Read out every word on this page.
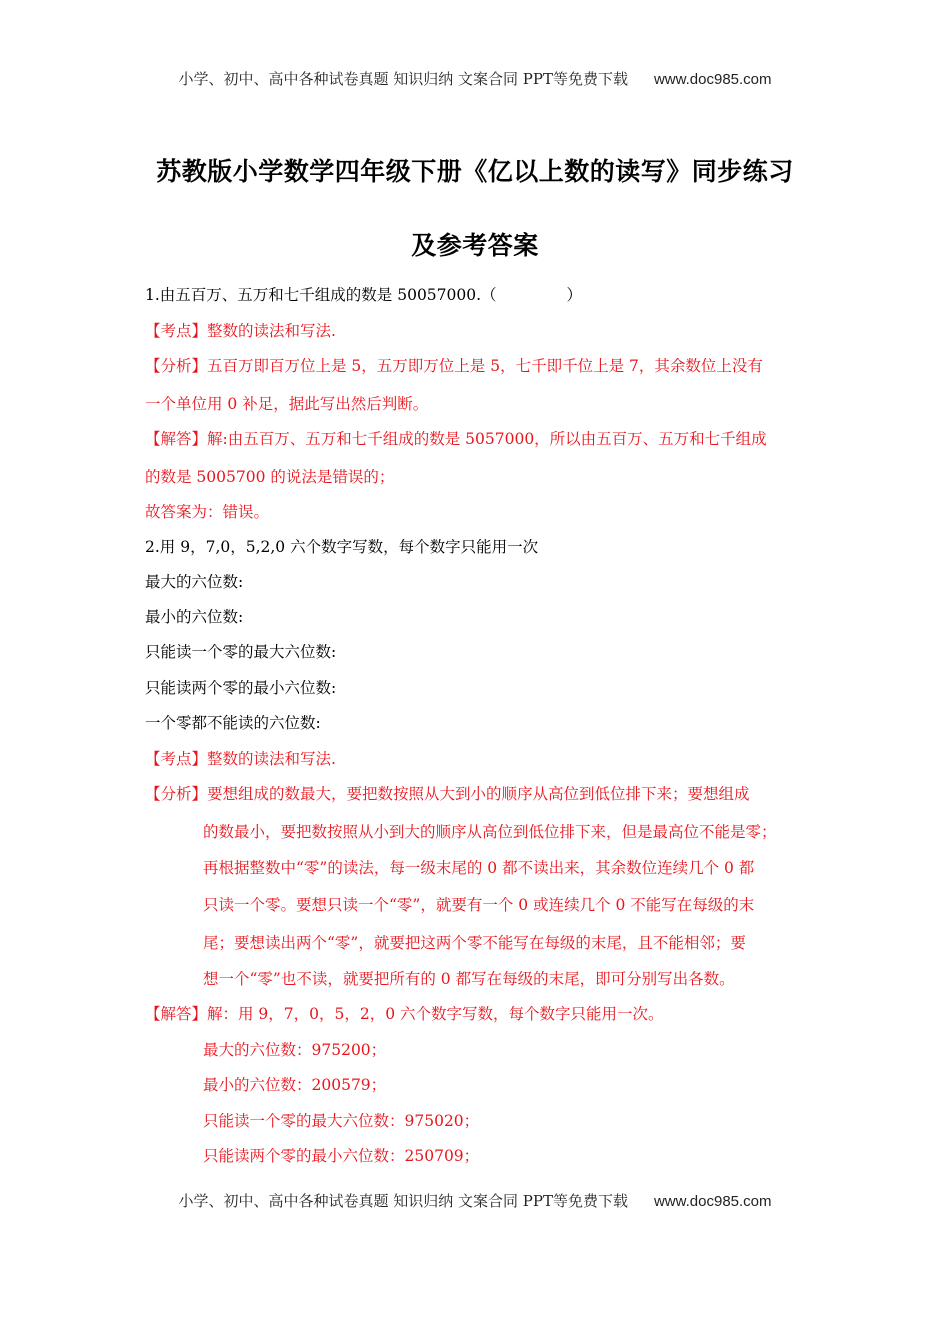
小学、初中、高中各种试卷真题 知识归纳 文案合同 PPT等免费下载 www.doc985.com
苏教版小学数学四年级下册《亿以上数的读写》同步练习
及参考答案
1.由五百万、五万和七千组成的数是 50057000.（	）
【考点】整数的读法和写法.
【分析】五百万即百万位上是 5，五万即万位上是 5，七千即千位上是 7，其余数位上没有
一个单位用 0 补足，据此写出然后判断。
【解答】解:由五百万、五万和七千组成的数是 5057000，所以由五百万、五万和七千组成
的数是 5005700 的说法是错误的；
故答案为：错误。
2.用 9，7,0，5,2,0 六个数字写数，每个数字只能用一次
最大的六位数:
最小的六位数:
只能读一个零的最大六位数:
只能读两个零的最小六位数:
一个零都不能读的六位数:
【考点】整数的读法和写法.
【分析】要想组成的数最大，要把数按照从大到小的顺序从高位到低位排下来；要想组成
的数最小，要把数按照从小到大的顺序从高位到低位排下来，但是最高位不能是零；
再根据整数中“零”的读法，每一级末尾的 0 都不读出来，其余数位连续几个 0 都
只读一个零。要想只读一个“零”，就要有一个 0 或连续几个 0 不能写在每级的末
尾；要想读出两个“零”，就要把这两个零不能写在每级的末尾，且不能相邻；要
想一个“零”也不读，就要把所有的 0 都写在每级的末尾，即可分别写出各数。
【解答】解：用 9，7，0，5，2，0 六个数字写数，每个数字只能用一次。
最大的六位数：975200；
最小的六位数：200579；
只能读一个零的最大六位数：975020；
只能读两个零的最小六位数：250709；
小学、初中、高中各种试卷真题 知识归纳 文案合同 PPT等免费下载 www.doc985.com
